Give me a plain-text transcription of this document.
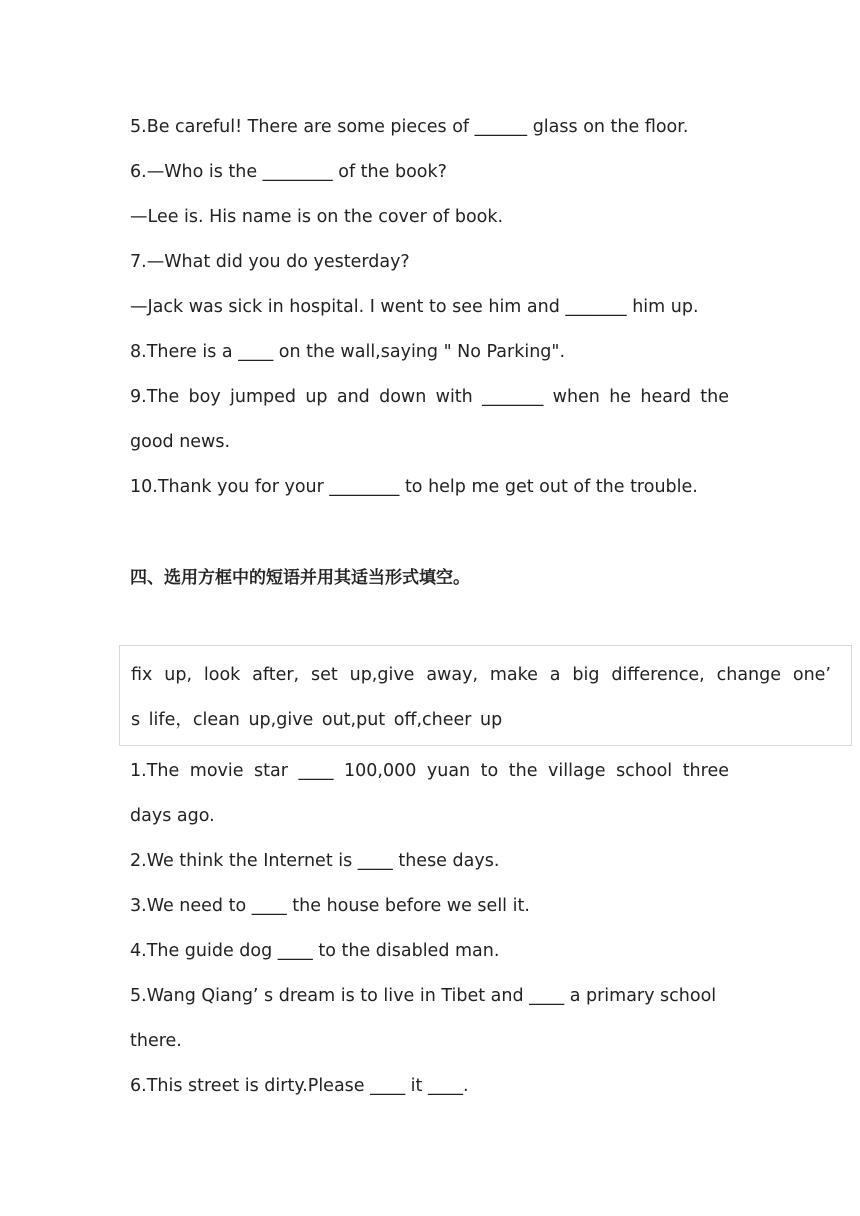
5.Be careful! There are some pieces of ______ glass on the floor.
6.—Who is the ________ of the book?
—Lee is. His name is on the cover of book.
7.—What did you do yesterday?
—Jack was sick in hospital. I went to see him and _______ him up.
8.There is a ____ on the wall,saying " No Parking".
9.The boy jumped up and down with _______ when he heard the
good news.
10.Thank you for your ________ to help me get out of the trouble.
四、选用方框中的短语并用其适当形式填空。
fix up, look after, set up,give away, make a big difference, change one’
s life，clean up,give out,put off,cheer up
1.The movie star ____ 100,000 yuan to the village school three
days ago.
2.We think the Internet is ____ these days.
3.We need to ____ the house before we sell it.
4.The guide dog ____ to the disabled man.
5.Wang Qiang’ s dream is to live in Tibet and ____ a primary school
there.
6.This street is dirty.Please ____ it ____.
